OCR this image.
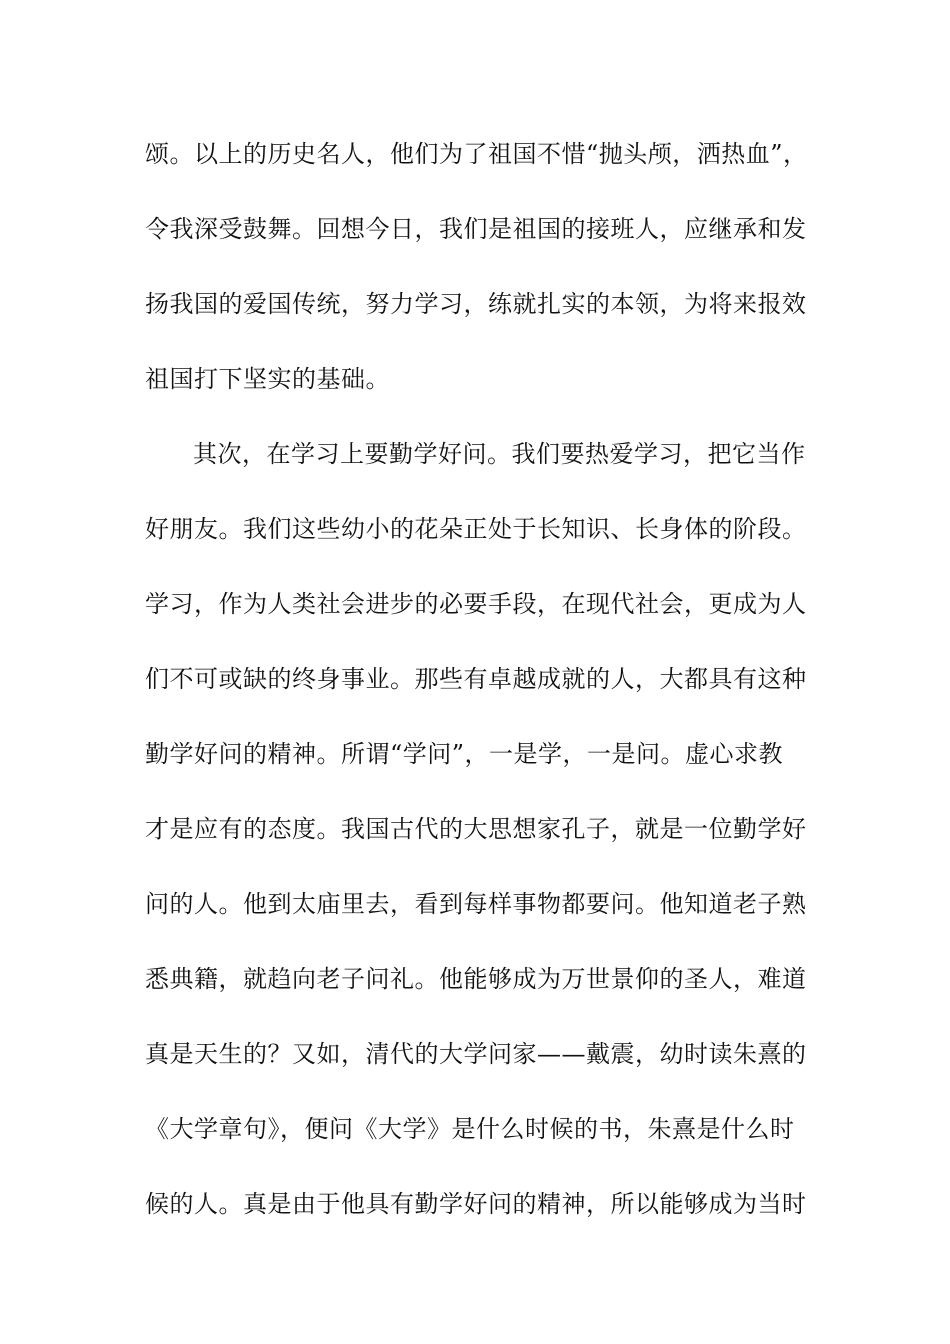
颂。以上的历史名人，他们为了祖国不惜“抛头颅，洒热血”，
令我深受鼓舞。回想今日，我们是祖国的接班人，应继承和发
扬我国的爱国传统，努力学习，练就扎实的本领，为将来报效
祖国打下坚实的基础。
其次，在学习上要勤学好问。我们要热爱学习，把它当作
好朋友。我们这些幼小的花朵正处于长知识、长身体的阶段。
学习，作为人类社会进步的必要手段，在现代社会，更成为人
们不可或缺的终身事业。那些有卓越成就的人，大都具有这种
勤学好问的精神。所谓“学问”，一是学，一是问。虚心求教
才是应有的态度。我国古代的大思想家孔子，就是一位勤学好
问的人。他到太庙里去，看到每样事物都要问。他知道老子熟
悉典籍，就趋向老子问礼。他能够成为万世景仰的圣人，难道
真是天生的？又如，清代的大学问家——戴震，幼时读朱熹的
《大学章句》，便问《大学》是什么时候的书，朱熹是什么时
候的人。真是由于他具有勤学好问的精神，所以能够成为当时
